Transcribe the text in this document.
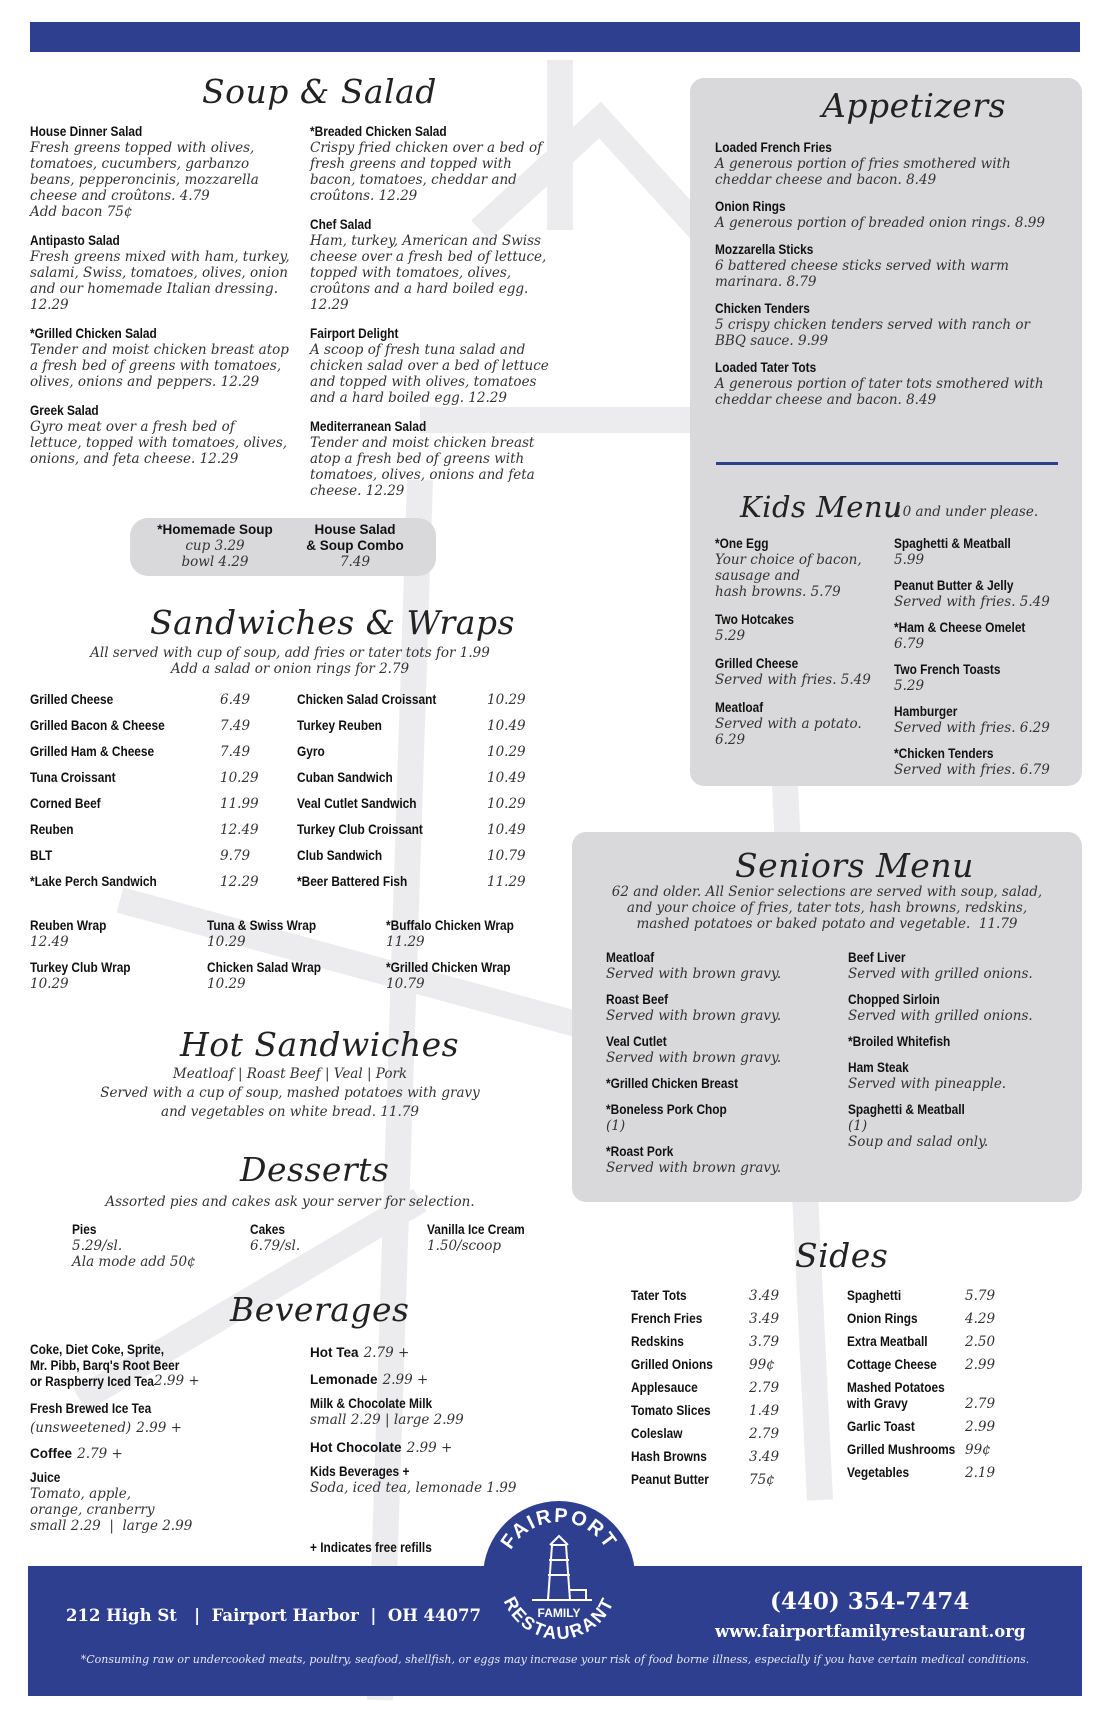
Soup & Salad
House Dinner Salad
Fresh greens topped with olives, tomatoes, cucumbers, garbanzo beans, pepperoncinis, mozzarella cheese and croûtons. 4.79
Add bacon 75¢
Antipasto Salad
Fresh greens mixed with ham, turkey, salami, Swiss, tomatoes, olives, onion and our homemade Italian dressing. 12.29
*Grilled Chicken Salad
Tender and moist chicken breast atop a fresh bed of greens with tomatoes, olives, onions and peppers. 12.29
Greek Salad
Gyro meat over a fresh bed of lettuce, topped with tomatoes, olives, onions, and feta cheese. 12.29
*Breaded Chicken Salad
Crispy fried chicken over a bed of fresh greens and topped with bacon, tomatoes, cheddar and croûtons. 12.29
Chef Salad
Ham, turkey, American and Swiss cheese over a fresh bed of lettuce, topped with tomatoes, olives, croûtons and a hard boiled egg. 12.29
Fairport Delight
A scoop of fresh tuna salad and chicken salad over a bed of lettuce and topped with olives, tomatoes and a hard boiled egg. 12.29
Mediterranean Salad
Tender and moist chicken breast atop a fresh bed of greens with tomatoes, olives, onions and feta cheese. 12.29
*Homemade Soup
cup 3.29
bowl 4.29
House Salad
& Soup Combo
7.49
Sandwiches & Wraps
All served with cup of soup, add fries or tater tots for 1.99
Add a salad or onion rings for 2.79
Grilled Cheese	6.49
Grilled Bacon & Cheese	7.49
Grilled Ham & Cheese	7.49
Tuna Croissant	10.29
Corned Beef	11.99
Reuben	12.49
BLT	9.79
*Lake Perch Sandwich	12.29
Chicken Salad Croissant	10.29
Turkey Reuben	10.49
Gyro	10.29
Cuban Sandwich	10.49
Veal Cutlet Sandwich	10.29
Turkey Club Croissant	10.49
Club Sandwich	10.79
*Beer Battered Fish	11.29
Reuben Wrap
12.49
Tuna & Swiss Wrap
10.29
*Buffalo Chicken Wrap
11.29
Turkey Club Wrap
10.29
Chicken Salad Wrap
10.29
*Grilled Chicken Wrap
10.79
Hot Sandwiches
Meatloaf | Roast Beef | Veal | Pork
Served with a cup of soup, mashed potatoes with gravy
and vegetables on white bread. 11.79
Desserts
Assorted pies and cakes ask your server for selection.
Pies
5.29/sl.
Ala mode add 50¢
Cakes
6.79/sl.
Vanilla Ice Cream
1.50/scoop
Beverages
Coke, Diet Coke, Sprite,
Mr. Pibb, Barq's Root Beer
or Raspberry Iced Tea 2.99 +
Fresh Brewed Ice Tea
(unsweetened) 2.99 +
Coffee 2.79 +
Juice
Tomato, apple,
orange, cranberry
small 2.29  |  large 2.99
Hot Tea 2.79 +
Lemonade 2.99 +
Milk & Chocolate Milk
small 2.29 | large 2.99
Hot Chocolate 2.99 +
Kids Beverages +
Soda, iced tea, lemonade 1.99
+ Indicates free refills
Appetizers
Loaded French Fries
A generous portion of fries smothered with cheddar cheese and bacon. 8.49
Onion Rings
A generous portion of breaded onion rings. 8.99
Mozzarella Sticks
6 battered cheese sticks served with warm marinara. 8.79
Chicken Tenders
5 crispy chicken tenders served with ranch or BBQ sauce. 9.99
Loaded Tater Tots
A generous portion of tater tots smothered with cheddar cheese and bacon. 8.49
Kids Menu
10 and under please.
*One Egg
Your choice of bacon,
sausage and
hash browns. 5.79
Two Hotcakes
5.29
Grilled Cheese
Served with fries. 5.49
Meatloaf
Served with a potato.
6.29
Spaghetti & Meatball
5.99
Peanut Butter & Jelly
Served with fries. 5.49
*Ham & Cheese Omelet
6.79
Two French Toasts
5.29
Hamburger
Served with fries. 6.29
*Chicken Tenders
Served with fries. 6.79
Seniors Menu
62 and older. All Senior selections are served with soup, salad,
and your choice of fries, tater tots, hash browns, redskins,
mashed potatoes or baked potato and vegetable.  11.79
Meatloaf
Served with brown gravy.
Roast Beef
Served with brown gravy.
Veal Cutlet
Served with brown gravy.
*Grilled Chicken Breast
*Boneless Pork Chop
(1)
*Roast Pork
Served with brown gravy.
Beef Liver
Served with grilled onions.
Chopped Sirloin
Served with grilled onions.
*Broiled Whitefish
Ham Steak
Served with pineapple.
Spaghetti & Meatball
(1)
Soup and salad only.
Sides
Tater Tots	3.49
French Fries	3.49
Redskins	3.79
Grilled Onions	99¢
Applesauce	2.79
Tomato Slices	1.49
Coleslaw	2.79
Hash Browns	3.49
Peanut Butter	75¢
Spaghetti	5.79
Onion Rings	4.29
Extra Meatball	2.50
Cottage Cheese 2.99
Mashed Potatoes
with Gravy	2.79
Garlic Toast	2.99
Grilled Mushrooms 99¢
Vegetables	2.19
212 High St   |  Fairport Harbor  |  OH 44077
(440) 354-7474
www.fairportfamilyrestaurant.org
*Consuming raw or undercooked meats, poultry, seafood, shellfish, or eggs may increase your risk of food borne illness, especially if you have certain medical conditions.
FAIRPORT
RESTAURANT
FAMILY
